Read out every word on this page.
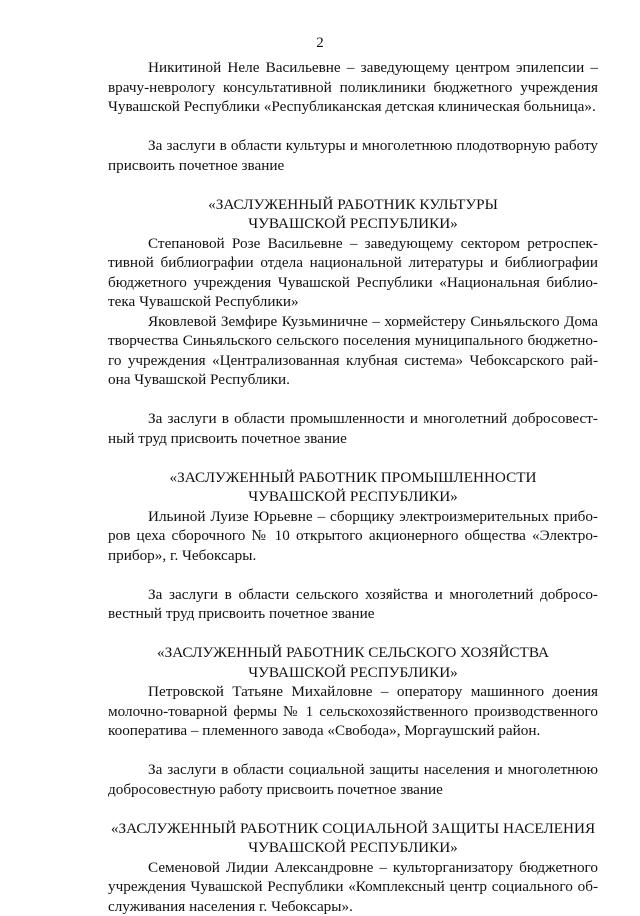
2

Никитиной Неле Васильевне – заведующему центром эпилепсии –
врачу-неврологу консультативной поликлиники бюджетного учреждения
Чувашской Республики «Республиканская детская клиническая больница».

За заслуги в области культуры и многолетнюю плодотворную работу
присвоить почетное звание

«ЗАСЛУЖЕННЫЙ РАБОТНИК КУЛЬТУРЫ
ЧУВАШСКОЙ РЕСПУБЛИКИ»

Степановой Розе Васильевне – заведующему сектором ретроспек-
тивной библиографии отдела национальной литературы и библиографии
бюджетного учреждения Чувашской Республики «Национальная библио-
тека Чувашской Республики»

Яковлевой Земфире Кузьминичне – хормейстеру Синьяльского Дома
творчества Синьяльского сельского поселения муниципального бюджетно-
го учреждения «Централизованная клубная система» Чебоксарского рай-
она Чувашской Республики.

За заслуги в области промышленности и многолетний добросовест-
ный труд присвоить почетное звание

«ЗАСЛУЖЕННЫЙ РАБОТНИК ПРОМЫШЛЕННОСТИ
ЧУВАШСКОЙ РЕСПУБЛИКИ»

Ильиной Луизе Юрьевне – сборщику электроизмерительных прибо-
ров цеха сборочного № 10 открытого акционерного общества «Электро-
прибор», г. Чебоксары.

За заслуги в области сельского хозяйства и многолетний добросо-
вестный труд присвоить почетное звание

«ЗАСЛУЖЕННЫЙ РАБОТНИК СЕЛЬСКОГО ХОЗЯЙСТВА
ЧУВАШСКОЙ РЕСПУБЛИКИ»

Петровской Татьяне Михайловне – оператору машинного доения
молочно-товарной фермы № 1 сельскохозяйственного производственного
кооператива – племенного завода «Свобода», Моргаушский район.

За заслуги в области социальной защиты населения и многолетнюю
добросовестную работу присвоить почетное звание

«ЗАСЛУЖЕННЫЙ РАБОТНИК СОЦИАЛЬНОЙ ЗАЩИТЫ НАСЕЛЕНИЯ
ЧУВАШСКОЙ РЕСПУБЛИКИ»

Семеновой Лидии Александровне – культорганизатору бюджетного
учреждения Чувашской Республики «Комплексный центр социального об-
служивания населения г. Чебоксары».
